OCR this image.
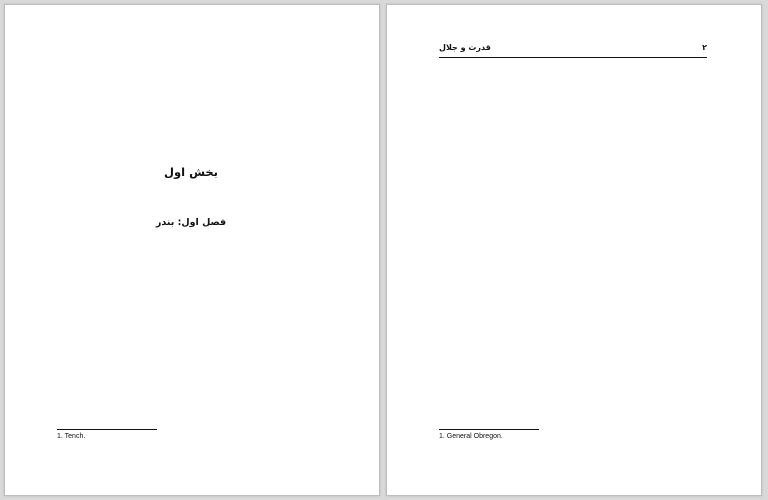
بخش اول
فصل اول: بندر

1. Tench.
قدرت و جلال	۲

1. General Obregon.
